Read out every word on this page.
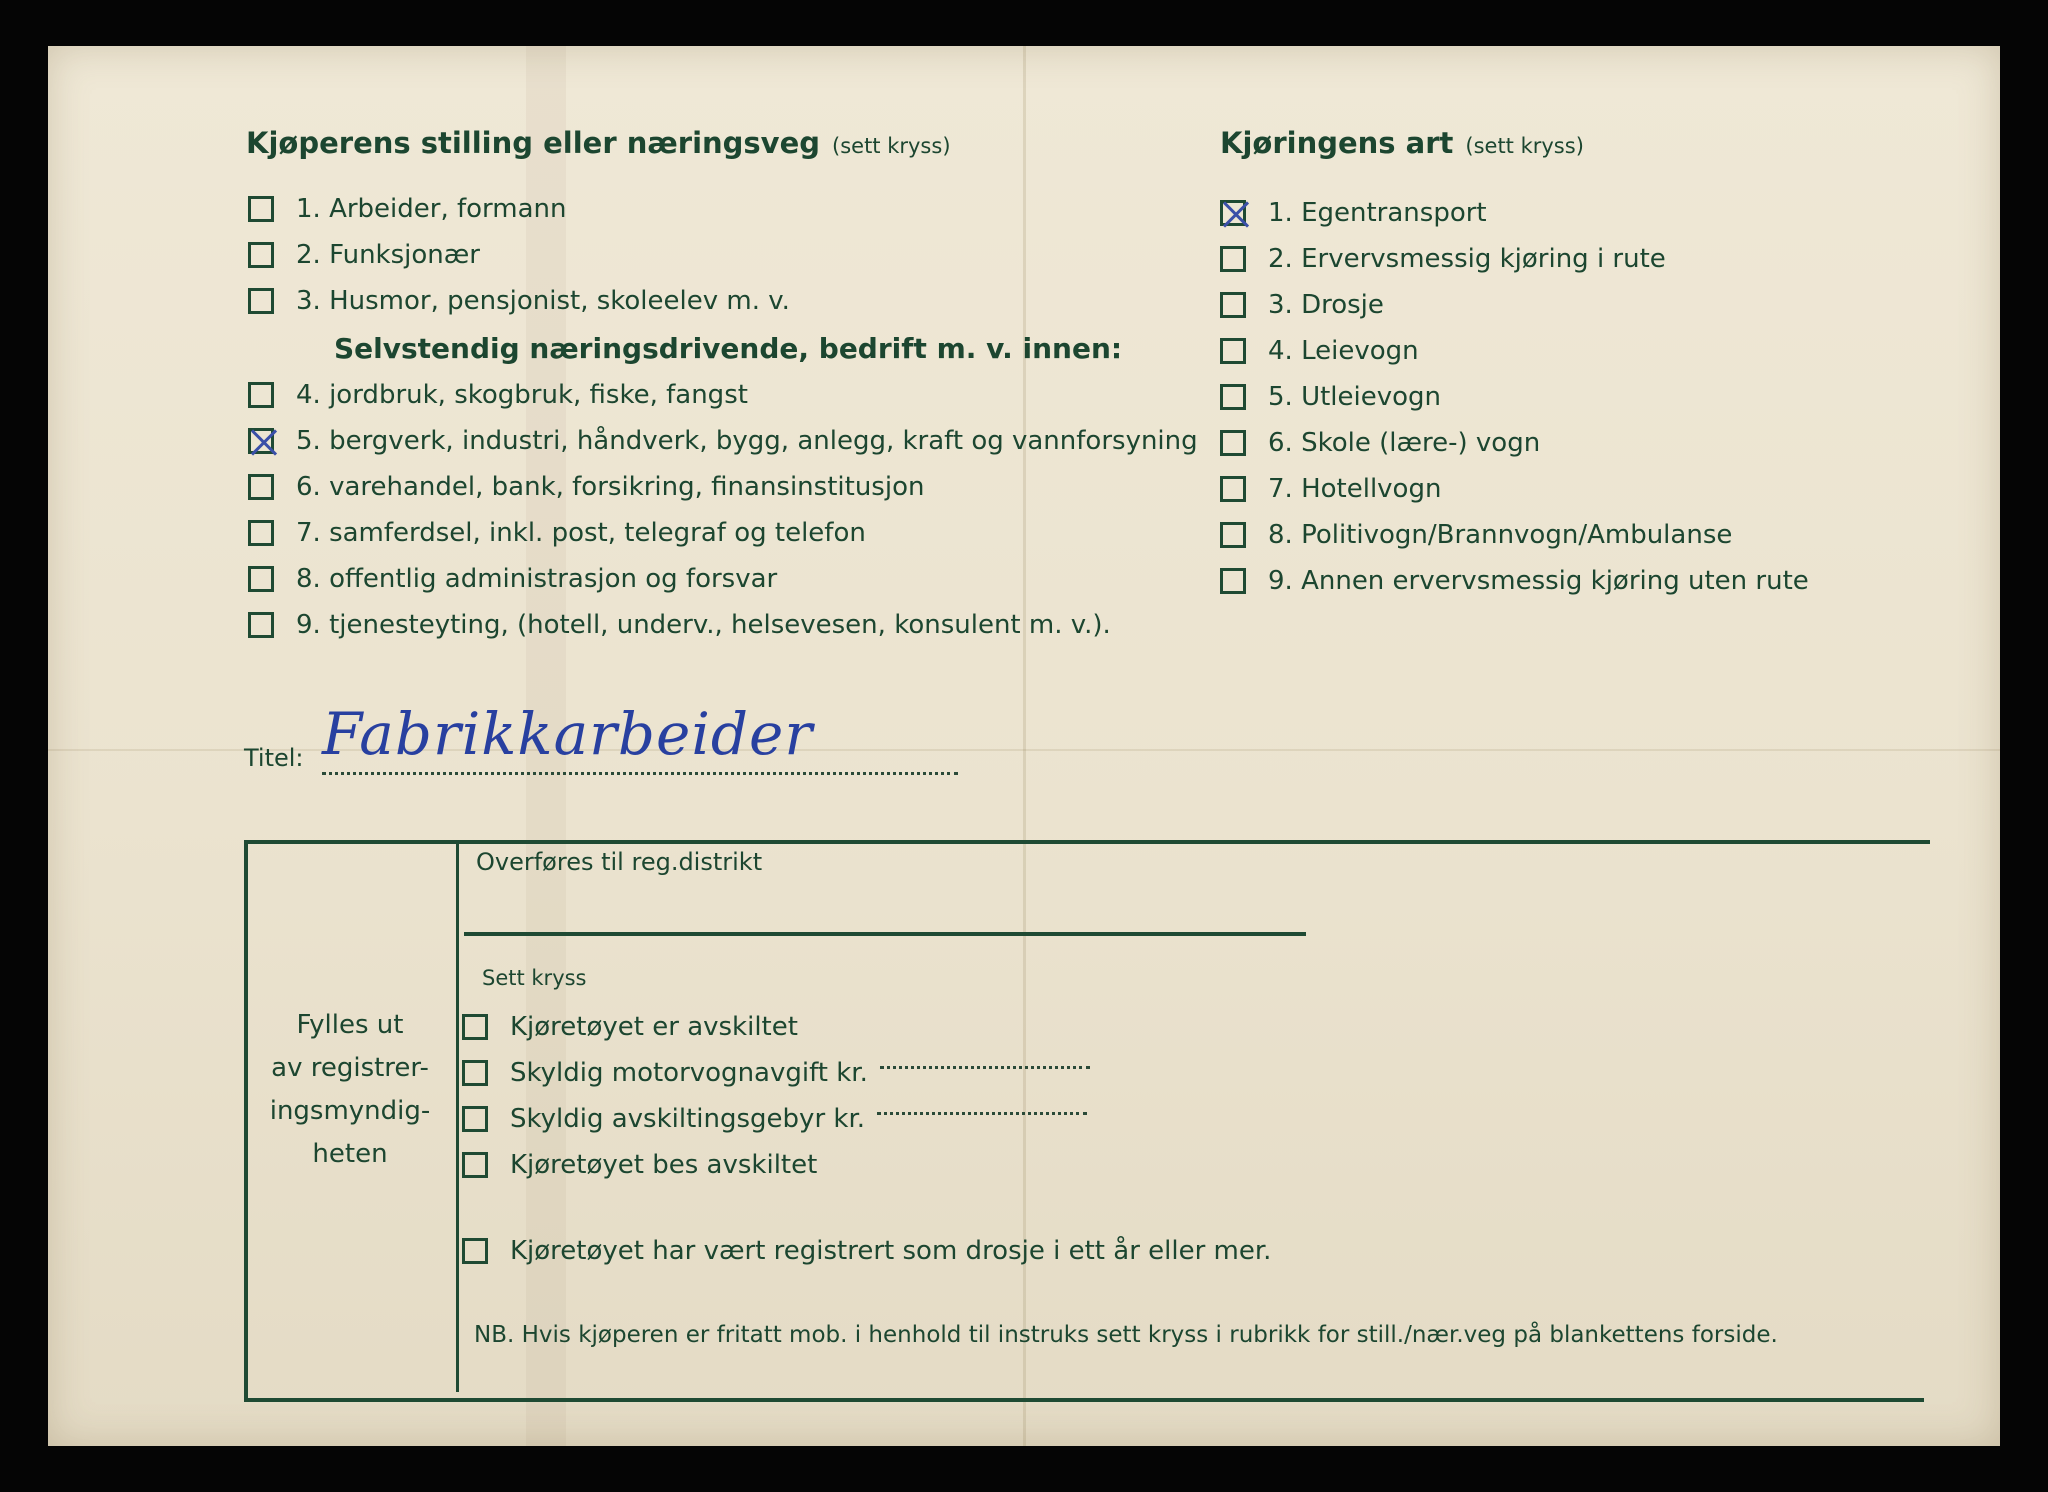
Kjøperens stilling eller næringsveg (sett kryss)
1. Arbeider, formann
2. Funksjonær
3. Husmor, pensjonist, skoleelev m. v.
Selvstendig næringsdrivende, bedrift m. v. innen:
4. jordbruk, skogbruk, fiske, fangst
5. bergverk, industri, håndverk, bygg, anlegg, kraft og vannforsyning
6. varehandel, bank, forsikring, finansinstitusjon
7. samferdsel, inkl. post, telegraf og telefon
8. offentlig administrasjon og forsvar
9. tjenesteyting, (hotell, underv., helsevesen, konsulent m. v.).
Kjøringens art (sett kryss)
1. Egentransport
2. Ervervsmessig kjøring i rute
3. Drosje
4. Leievogn
5. Utleievogn
6. Skole (lære-) vogn
7. Hotellvogn
8. Politivogn/Brannvogn/Ambulanse
9. Annen ervervsmessig kjøring uten rute
Titel: Fabrikkarbeider
Fylles ut
av registrer-
ingsmyndig-
heten
Overføres til reg.distrikt
Sett kryss
Kjøretøyet er avskiltet
Skyldig motorvognavgift kr.
Skyldig avskiltingsgebyr kr.
Kjøretøyet bes avskiltet
Kjøretøyet har vært registrert som drosje i ett år eller mer.
NB. Hvis kjøperen er fritatt mob. i henhold til instruks sett kryss i rubrikk for still./nær.veg på blankettens forside.
